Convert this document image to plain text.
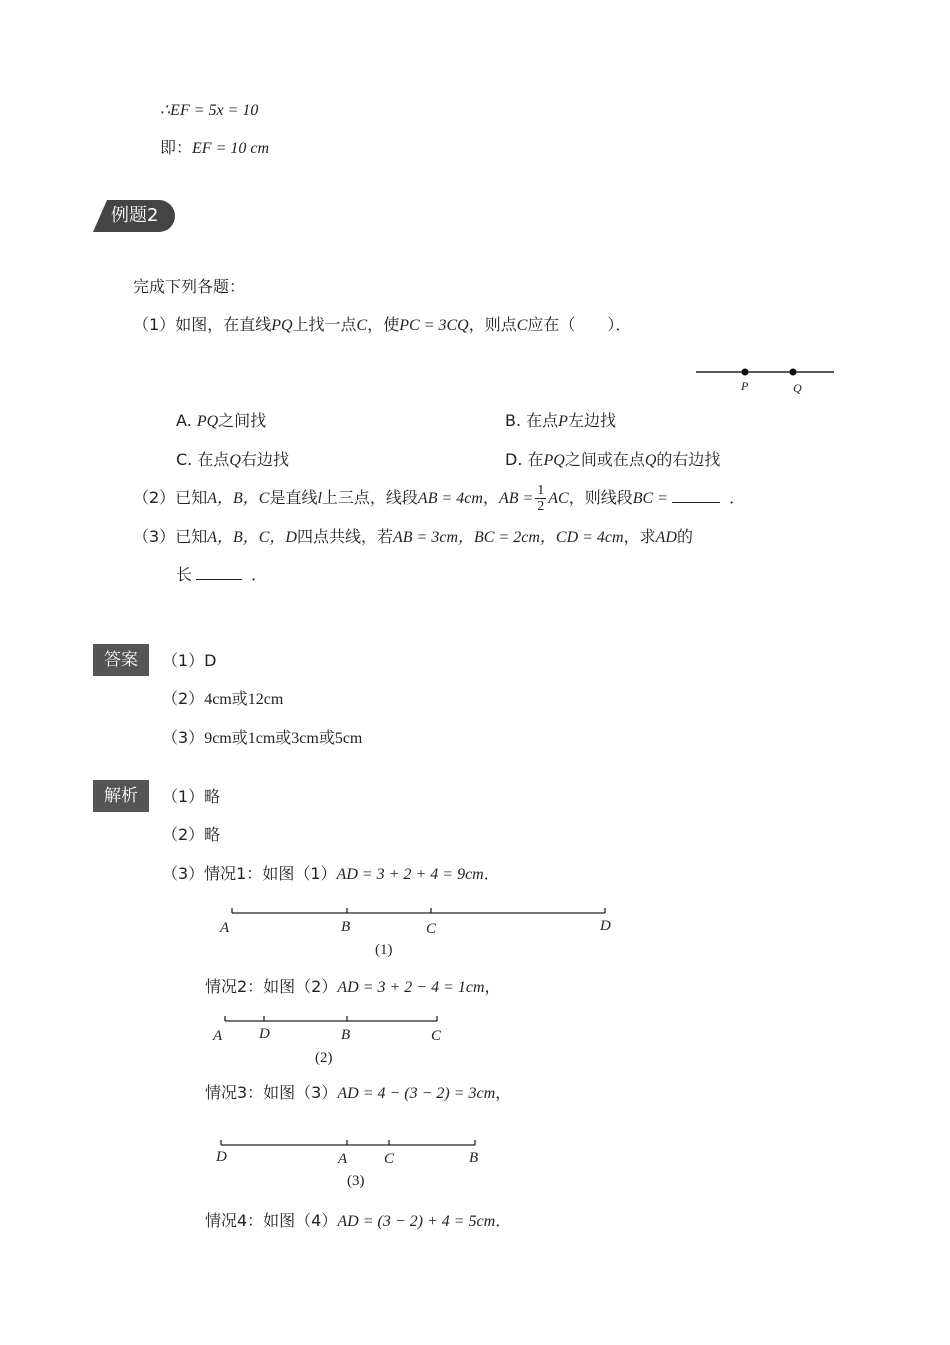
∴EF = 5x = 10
即：EF = 10 cm
例题2
完成下列各题：
（1）如图，在直线PQ上找一点C，使PC = 3CQ，则点C应在（　　）．
P	Q
A. PQ之间找	B. 在点P左边找
C. 在点Q右边找	D. 在PQ之间或在点Q的右边找
（2）已知A，B，C是直线l上三点，线段AB = 4cm，AB = $\frac{1}{2}$ AC，则线段BC =	．
（3）已知A，B，C，D四点共线，若AB = 3cm，BC = 2cm，CD = 4cm，求AD的
长	．
答案	（1）D
（2）4cm或12cm
（3）9cm或1cm或3cm或5cm
解析	（1）略
（2）略
（3）情况1：如图（1）AD = 3 + 2 + 4 = 9cm．
A	B	C	D
(1)
情况2：如图（2）AD = 3 + 2 − 4 = 1cm，
A D	B	C
(2)
情况3：如图（3）AD = 4 − (3 − 2) = 3cm，
D	A C	B
(3)
情况4：如图（4）AD = (3 − 2) + 4 = 5cm．
